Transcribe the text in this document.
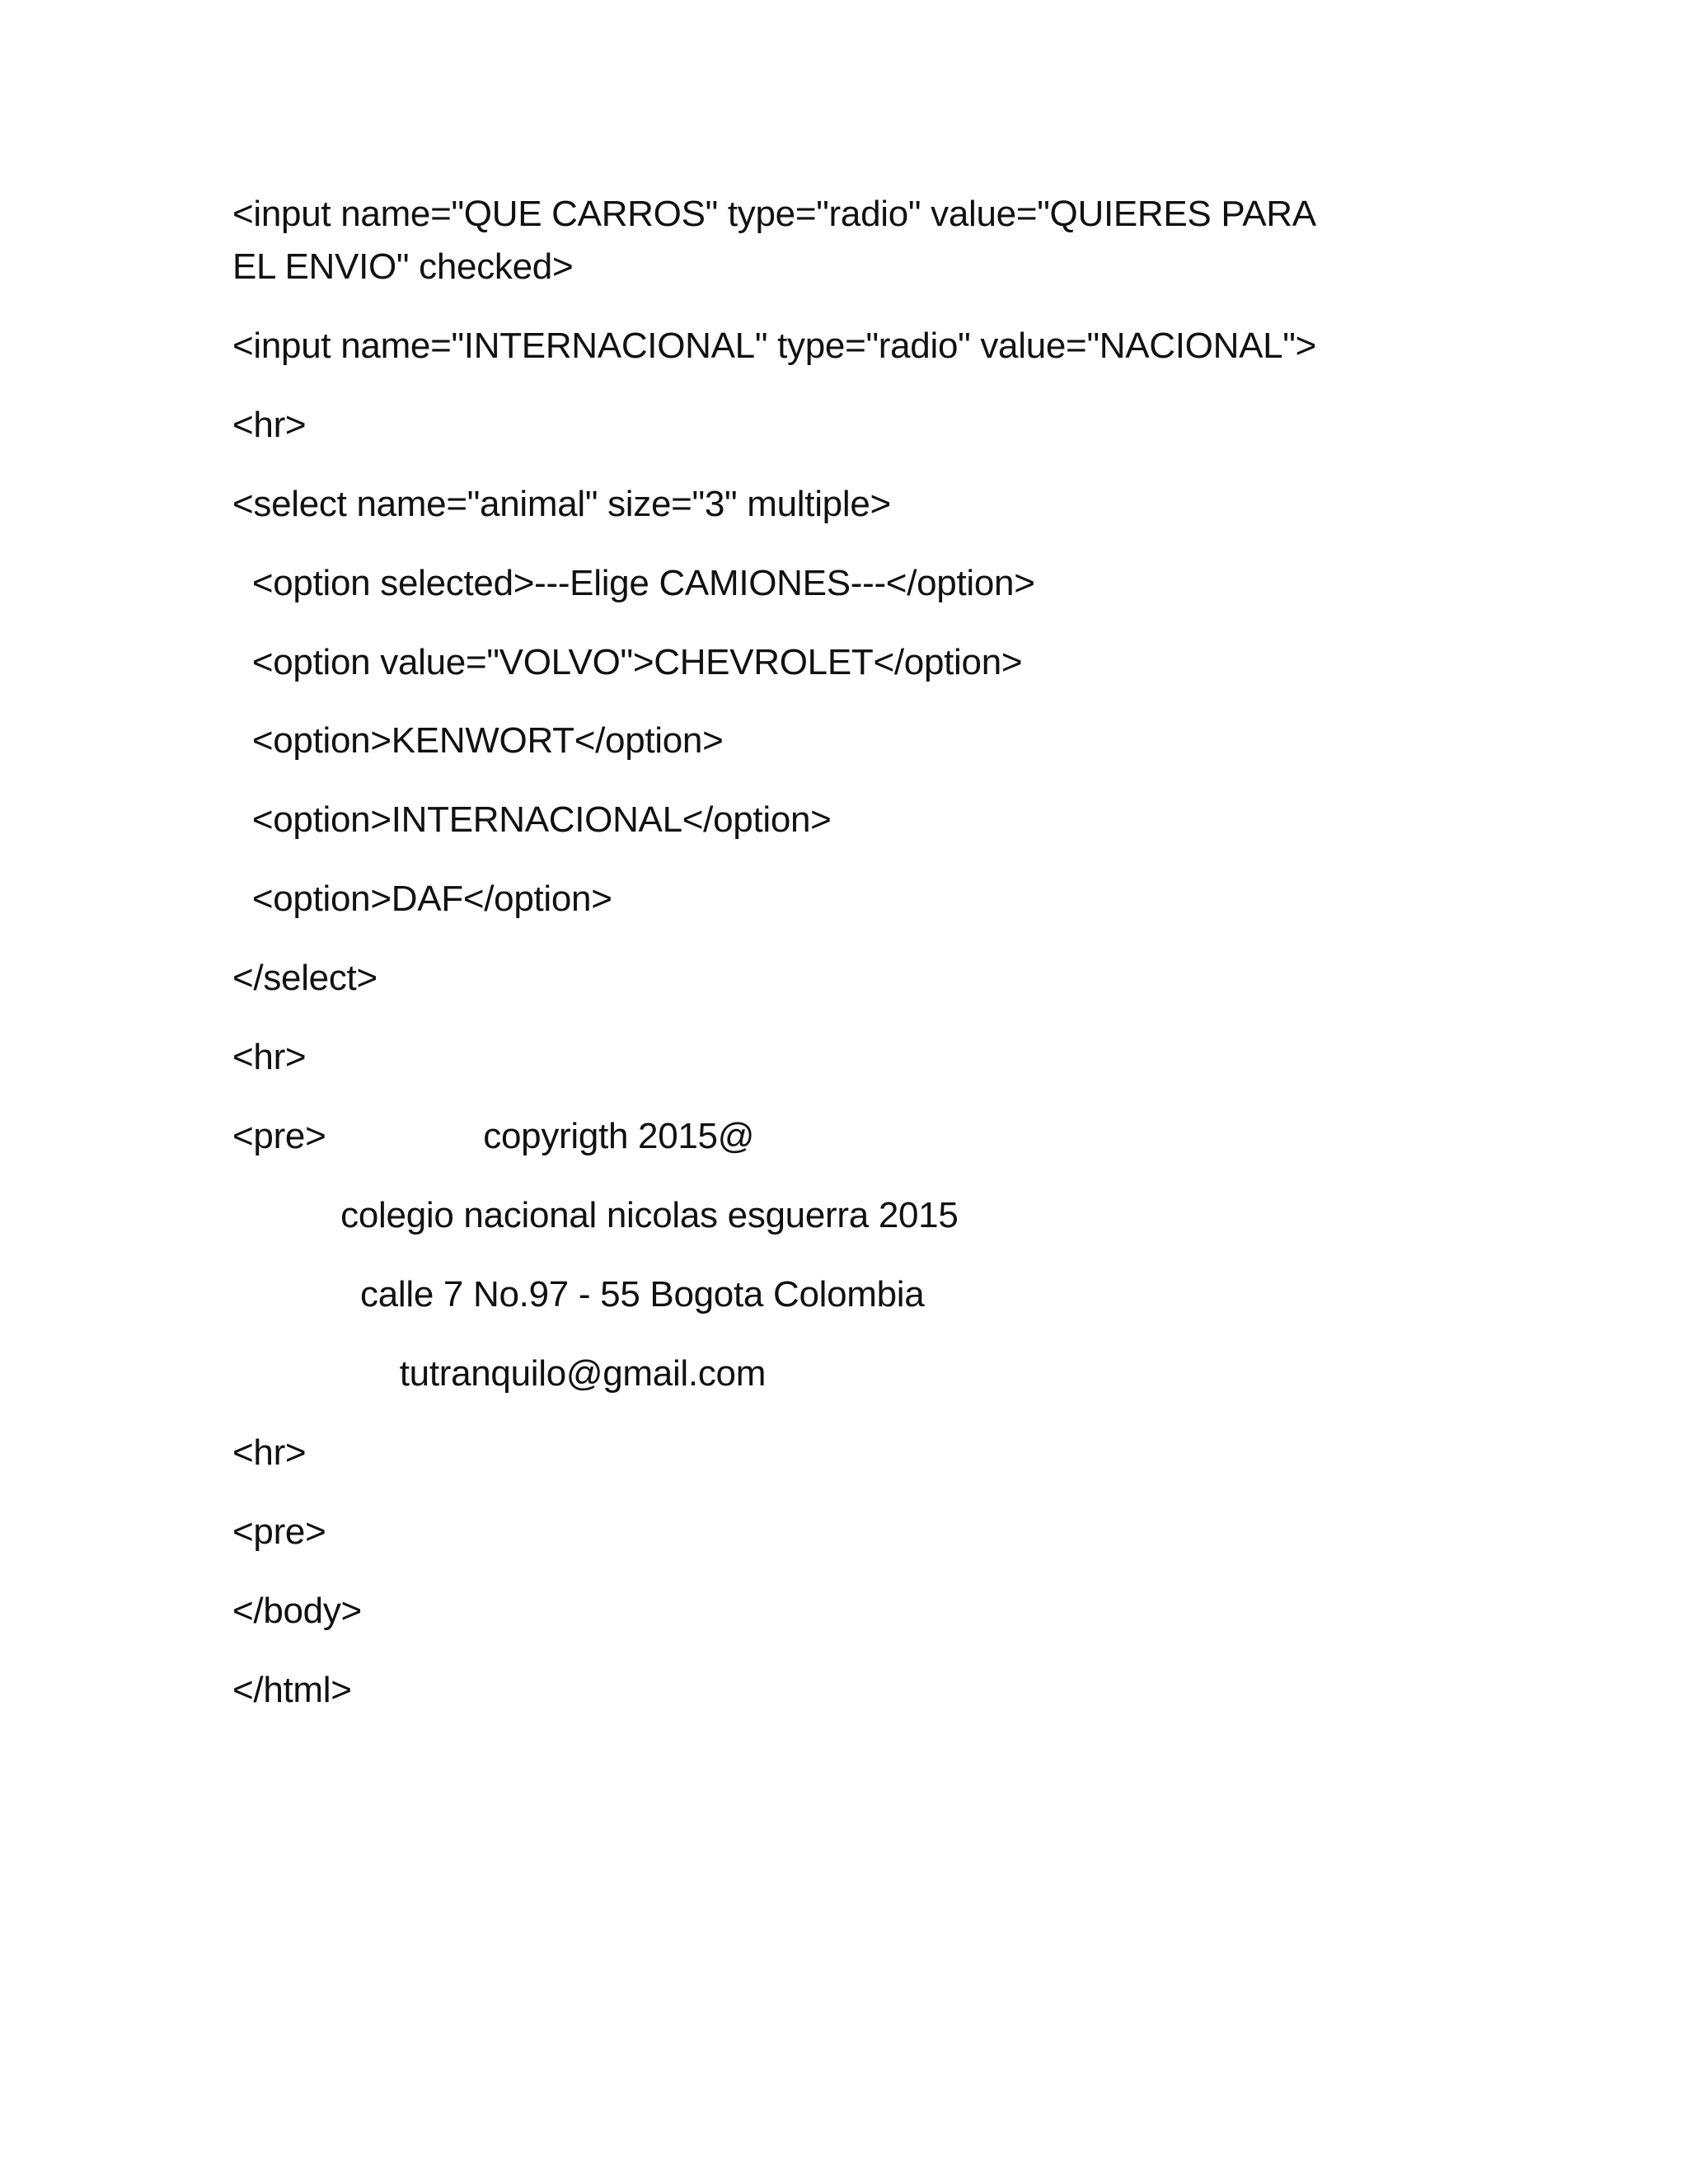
<input name="QUE CARROS" type="radio" value="QUIERES PARA
EL ENVIO" checked>
<input name="INTERNACIONAL" type="radio" value="NACIONAL">
<hr>
<select name="animal" size="3" multiple>
<option selected>---Elige CAMIONES---</option>
<option value="VOLVO">CHEVROLET</option>
<option>KENWORT</option>
<option>INTERNACIONAL</option>
<option>DAF</option>
</select>
<hr>
<pre>                copyrigth 2015@
colegio nacional nicolas esguerra 2015
calle 7 No.97 - 55 Bogota Colombia
tutranquilo@gmail.com
<hr>
<pre>
</body>
</html>
